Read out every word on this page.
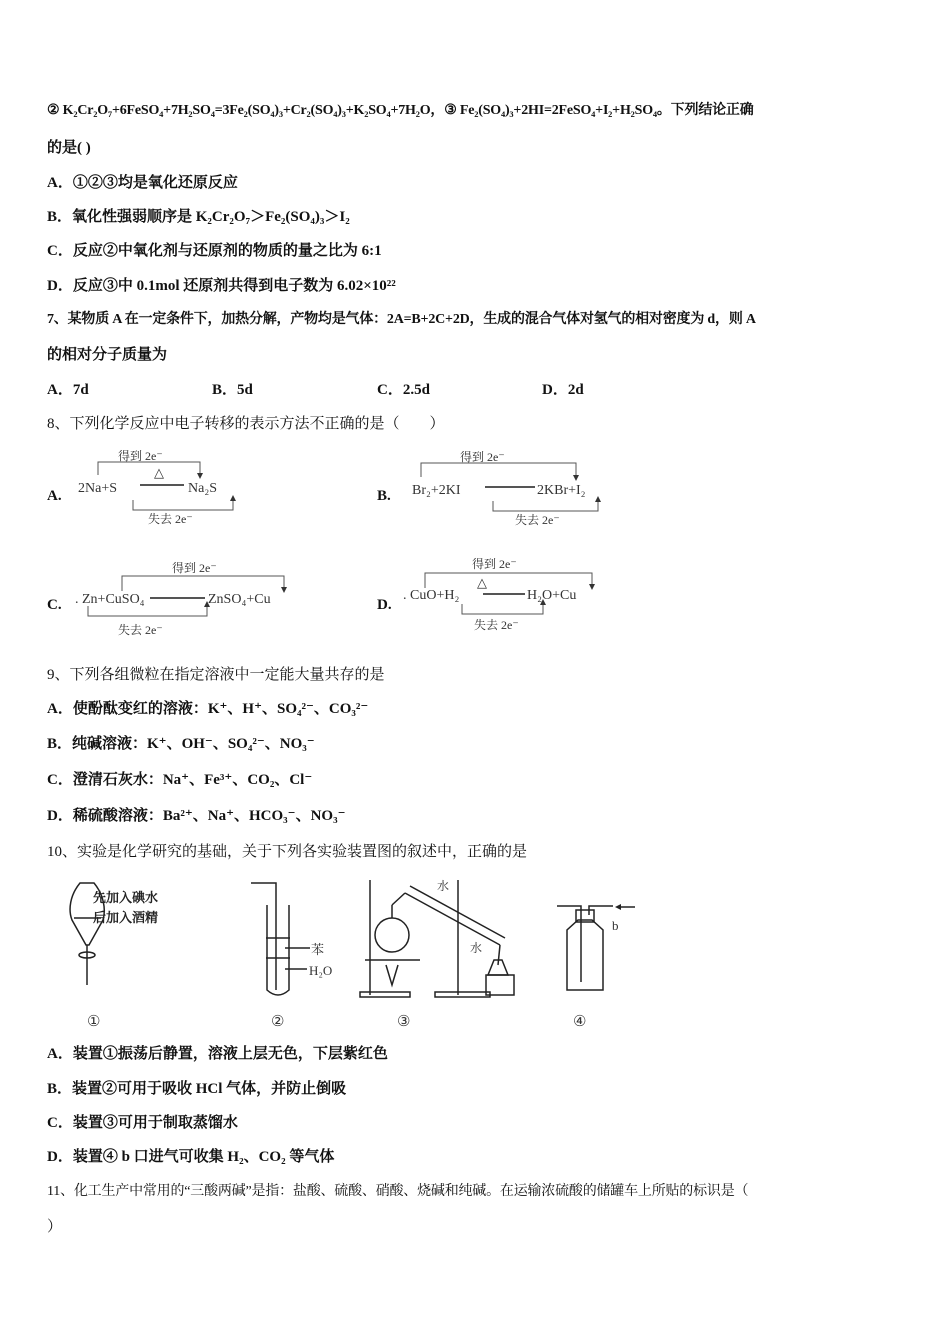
② K₂Cr₂O₇+6FeSO₄+7H₂SO₄=3Fe₂(SO₄)₃+Cr₂(SO₄)₃+K₂SO₄+7H₂O，③ Fe₂(SO₄)₃+2HI=2FeSO₄+I₂+H₂SO₄。下列结论正确
的是( )
A．①②③均是氧化还原反应
B．氧化性强弱顺序是 K₂Cr₂O₇＞Fe₂(SO₄)₃＞I₂
C．反应②中氧化剂与还原剂的物质的量之比为 6:1
D．反应③中 0.1mol 还原剂共得到电子数为 6.02×10²²
7、某物质 A 在一定条件下，加热分解，产物均是气体：2A=B+2C+2D，生成的混合气体对氢气的相对密度为 d，则 A
的相对分子质量为
A．7d	B．5d	C．2.5d	D．2d
8、下列化学反应中电子转移的表示方法不正确的是（　　）
A.
得到 2e⁻
△
2Na+S	Na₂S
失去 2e⁻
B.
得到 2e⁻
Br₂+2KI	2KBr+I₂
失去 2e⁻
C.
得到 2e⁻
. Zn+CuSO₄	ZnSO₄+Cu
失去 2e⁻
D.
得到 2e⁻
△
. CuO+H₂	H₂O+Cu
失去 2e⁻
9、下列各组微粒在指定溶液中一定能大量共存的是
A．使酚酞变红的溶液：K⁺、H⁺、SO₄²⁻、CO₃²⁻
B．纯碱溶液：K⁺、OH⁻、SO₄²⁻、NO₃⁻
C．澄清石灰水：Na⁺、Fe³⁺、CO₂、Cl⁻
D．稀硫酸溶液：Ba²⁺、Na⁺、HCO₃⁻、NO₃⁻
10、实验是化学研究的基础，关于下列各实验装置图的叙述中，正确的是
先加入碘水
后加入酒精
苯
H₂O
水
水
b
①	②	③	④
A．装置①振荡后静置，溶液上层无色，下层紫红色
B．装置②可用于吸收 HCl 气体，并防止倒吸
C．装置③可用于制取蒸馏水
D．装置④ b 口进气可收集 H₂、CO₂ 等气体
11、化工生产中常用的“三酸两碱”是指：盐酸、硫酸、硝酸、烧碱和纯碱。在运输浓硫酸的储罐车上所贴的标识是（
）
